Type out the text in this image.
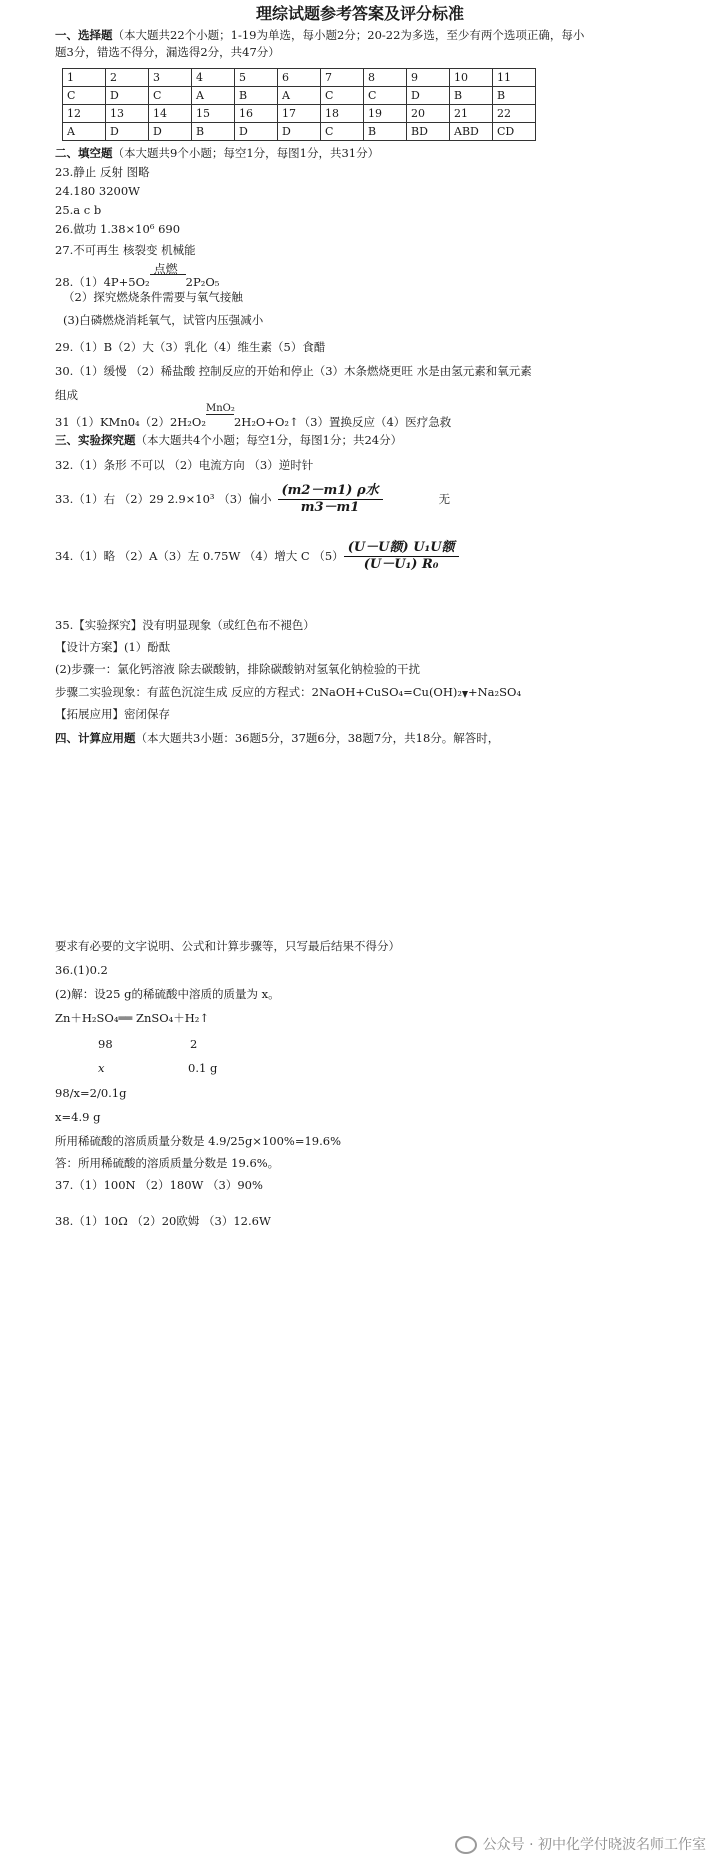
理综试题参考答案及评分标准
一、选择题（本大题共22个小题；1-19为单选，每小题2分；20-22为多选，至少有两个选项正确，每小
题3分，错选不得分，漏选得2分，共47分）
1	2	3	4	5	6	7	8	9	10	11
C	D	C	A	B	A	C	C	D	B	B
12	13	14	15	16	17	18	19	20	21	22
A	D	D	B	D	D	C	B	BD	ABD	CD
二、填空题（本大题共9个小题；每空1分，每图1分，共31分）
23.静止 反射 图略
24.180 3200W
25.a c b
26.做功 1.38×10⁶ 690
27.不可再生 核裂变 机械能
28.（1）4P+5O₂
点燃
2P₂O₅
（2）探究燃烧条件需要与氧气接触
(3)白磷燃烧消耗氧气，试管内压强减小
29.（1）B（2）大（3）乳化（4）维生素（5）食醋
30.（1）缓慢 （2）稀盐酸 控制反应的开始和停止（3）木条燃烧更旺 水是由氢元素和氧元素
组成
31（1）KMn0₄（2）2H₂O₂
MnO₂
2H₂O+O₂↑（3）置换反应（4）医疗急救
三、实验探究题（本大题共4个小题；每空1分，每图1分；共24分）
32.（1）条形 不可以 （2）电流方向 （3）逆时针
33.（1）右 （2）29 2.9×10³ （3）偏小 $\frac{\text{(m2－m1) ρ水}}{m3-m1}$	无
34.（1）略 （2）A（3）左 0.75W （4）增大 C $(5) \frac{\text{(U－U额) U₁U额}}{\text{(U－U₁) R₀}}$
35.【实验探究】没有明显现象（或红色布不褪色）
【设计方案】(1）酚酞
(2)步骤一：氯化钙溶液 除去碳酸钠，排除碳酸钠对氢氧化钠检验的干扰
步骤二实验现象：有蓝色沉淀生成 反应的方程式：2NaOH+CuSO₄=Cu(OH)₂ +Na₂SO₄
【拓展应用】密闭保存
四、计算应用题（本大题共3小题：36题5分，37题6分，38题7分，共18分。解答时，
要求有必要的文字说明、公式和计算步骤等，只写最后结果不得分）
36.(1)0.2
(2)解：设25 g的稀硫酸中溶质的质量为 x。
Zn＋H₂SO₄══ ZnSO₄＋H₂↑
98	2
x	0.1 g
98/x=2/0.1g
x=4.9 g
所用稀硫酸的溶质质量分数是 4.9/25g×100%=19.6%
答：所用稀硫酸的溶质质量分数是 19.6%。
37.（1）100N （2）180W （3）90%
38.（1）10Ω （2）20欧姆 （3）12.6W
公众号 · 初中化学付晓波名师工作室
